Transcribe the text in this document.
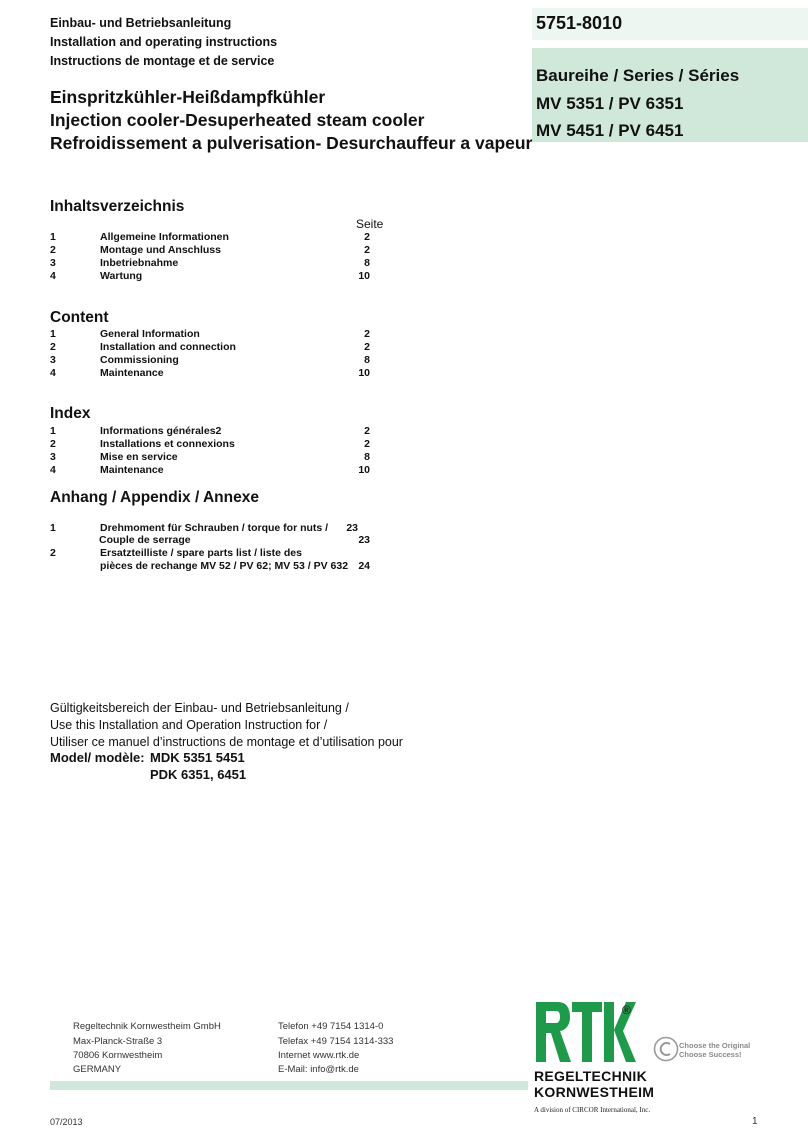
Einbau- und Betriebsanleitung
Installation and operating instructions
Instructions de montage et de service
5751-8010
Baureihe / Series / Séries
MV 5351 / PV 6351
MV 5451 / PV 6451
Einspritzkühler-Heißdampfkühler
Injection cooler-Desuperheated steam cooler
Refroidissement a pulverisation- Desurchauffeur a vapeur
Inhaltsverzeichnis
Seite
1	Allgemeine Informationen	2
2	Montage und Anschluss	2
3	Inbetriebnahme	8
4	Wartung	10
Content
1	General Information	2
2	Installation and connection	2
3	Commissioning	8
4	Maintenance	10
Index
1	Informations générales2	2
2	Installations et connexions	2
3	Mise en service	8
4	Maintenance	10
Anhang / Appendix / Annexe
1	Drehmoment für Schrauben / torque for nuts / 23
Couple de serrage	23
2	Ersatzteilliste / spare parts list / liste des
pièces de rechange MV 52 / PV 62; MV 53 / PV 632 24
Gültigkeitsbereich der Einbau- und Betriebsanleitung /
Use this Installation and Operation Instruction for /
Utiliser ce manuel d’instructions de montage et d’utilisation pour
Model/ modèle: MDK 5351 5451
PDK 6351, 6451
Regeltechnik Kornwestheim GmbH
Max-Planck-Straße 3
70806 Kornwestheim
GERMANY
Telefon +49 7154 1314-0
Telefax +49 7154 1314-333
Internet www.rtk.de
E-Mail: info@rtk.de
®
REGELTECHNIK
KORNWESTHEIM
A division of CIRCOR International, Inc.
Choose the Original
Choose Success!
07/2013	1
